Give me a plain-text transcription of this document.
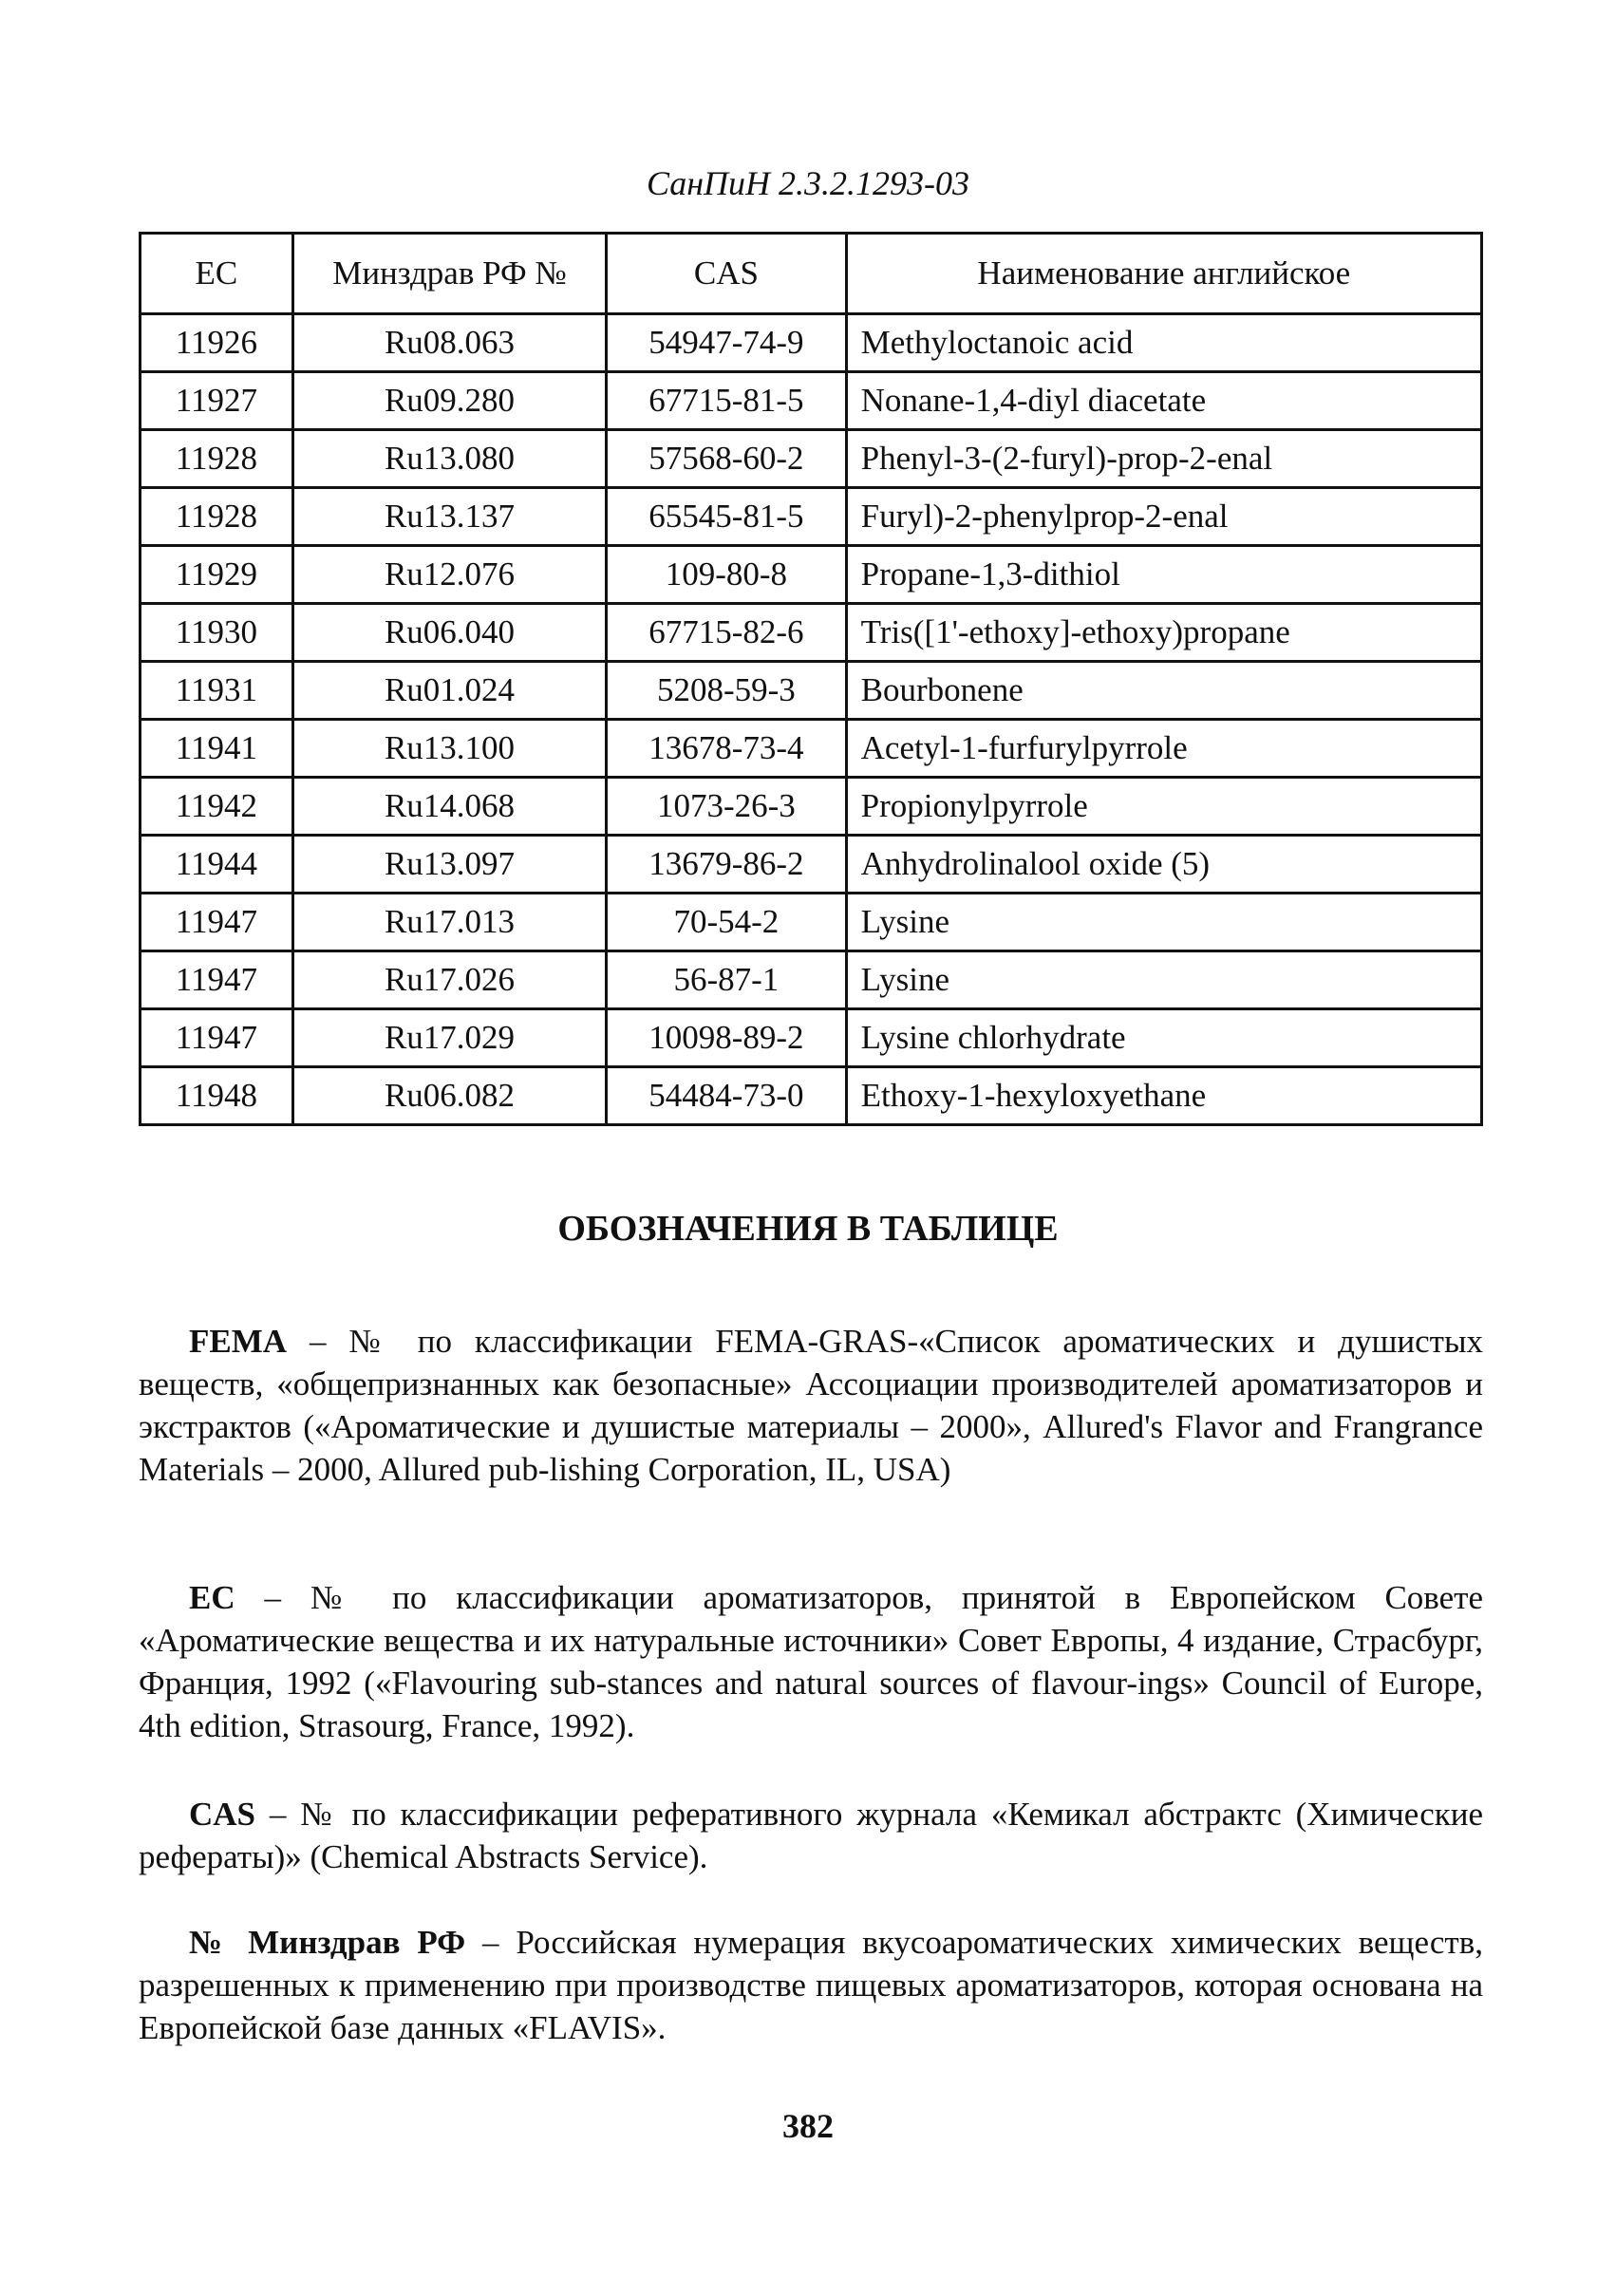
СанПиН 2.3.2.1293-03
ЕС	Минздрав РФ №	CAS	Наименование английское
11926	Ru08.063	54947-74-9	Methyloctanoic acid
11927	Ru09.280	67715-81-5	Nonane-1,4-diyl diacetate
11928	Ru13.080	57568-60-2	Phenyl-3-(2-furyl)-prop-2-enal
11928	Ru13.137	65545-81-5	Furyl)-2-phenylprop-2-enal
11929	Ru12.076	109-80-8	Propane-1,3-dithiol
11930	Ru06.040	67715-82-6	Tris([1'-ethoxy]-ethoxy)propane
11931	Ru01.024	5208-59-3	Bourbonene
11941	Ru13.100	13678-73-4	Acetyl-1-furfurylpyrrole
11942	Ru14.068	1073-26-3	Propionylpyrrole
11944	Ru13.097	13679-86-2	Anhydrolinalool oxide (5)
11947	Ru17.013	70-54-2	Lysine
11947	Ru17.026	56-87-1	Lysine
11947	Ru17.029	10098-89-2	Lysine chlorhydrate
11948	Ru06.082	54484-73-0	Ethoxy-1-hexyloxyethane
ОБОЗНАЧЕНИЯ В ТАБЛИЦЕ

FEMA – № по классификации FEMA-GRAS-«Список ароматических и душистых веществ, «общепризнанных как безопасные» Ассоциации производителей ароматизаторов и экстрактов («Ароматические и душистые материалы – 2000», Allured's Flavor and Frangrance Materials – 2000, Allured pub-lishing Corporation, IL, USA)

ЕС – № по классификации ароматизаторов, принятой в Европейском Совете «Ароматические вещества и их натуральные источники» Совет Европы, 4 издание, Страсбург, Франция, 1992 («Flavouring sub-stances and natural sources of flavour-ings» Council of Europe, 4th edition, Strasourg, France, 1992).

CAS – № по классификации реферативного журнала «Кемикал абстрактс (Химические рефераты)» (Chemical Abstracts Service).

№ Минздрав РФ – Российская нумерация вкусоароматических химических веществ, разрешенных к применению при производстве пищевых ароматизаторов, которая основана на Европейской базе данных «FLAVIS».

382
